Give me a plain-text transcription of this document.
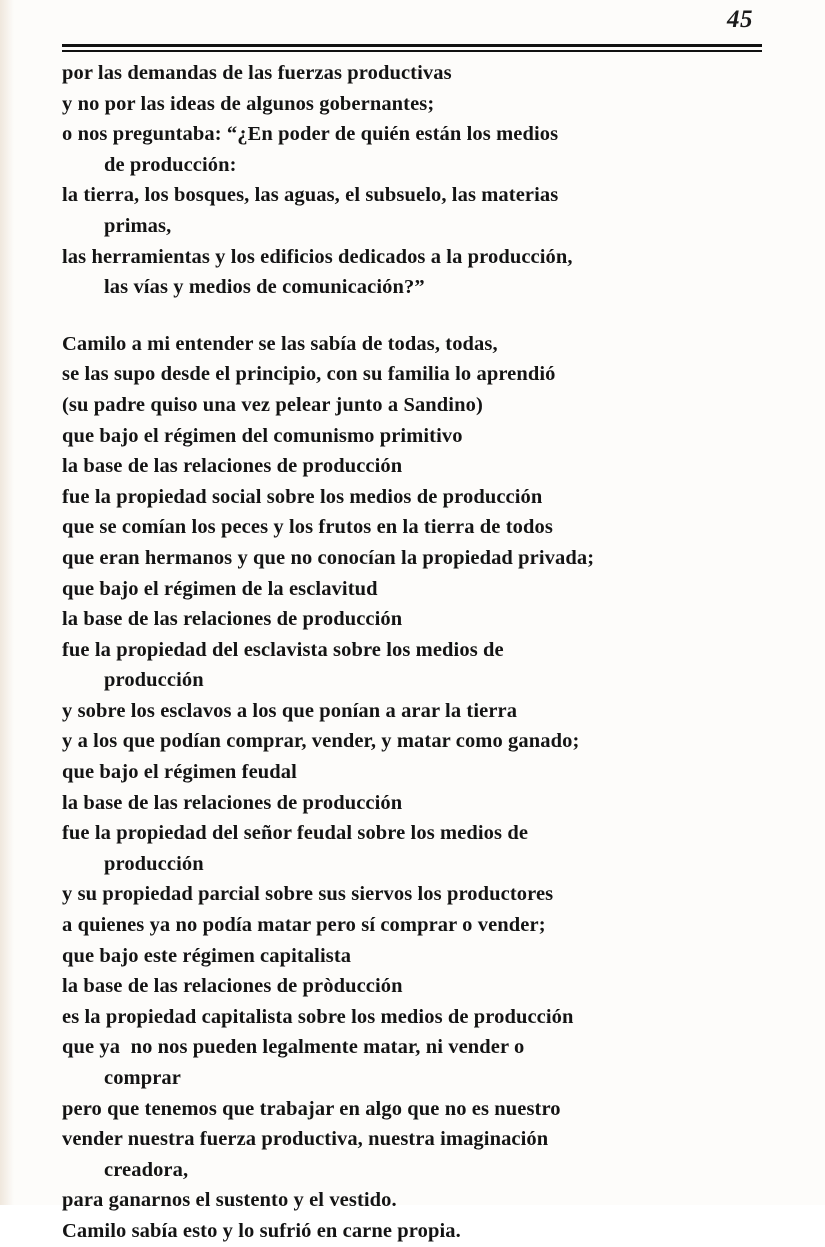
45
por las demandas de las fuerzas productivas
y no por las ideas de algunos gobernantes;
o nos preguntaba: “¿En poder de quién están los medios
de producción:
la tierra, los bosques, las aguas, el subsuelo, las materias
primas,
las herramientas y los edificios dedicados a la producción,
las vías y medios de comunicación?”
Camilo a mi entender se las sabía de todas, todas,
se las supo desde el principio, con su familia lo aprendió
(su padre quiso una vez pelear junto a Sandino)
que bajo el régimen del comunismo primitivo
la base de las relaciones de producción
fue la propiedad social sobre los medios de producción
que se comían los peces y los frutos en la tierra de todos
que eran hermanos y que no conocían la propiedad privada;
que bajo el régimen de la esclavitud
la base de las relaciones de producción
fue la propiedad del esclavista sobre los medios de
producción
y sobre los esclavos a los que ponían a arar la tierra
y a los que podían comprar, vender, y matar como ganado;
que bajo el régimen feudal
la base de las relaciones de producción
fue la propiedad del señor feudal sobre los medios de
producción
y su propiedad parcial sobre sus siervos los productores
a quienes ya no podía matar pero sí comprar o vender;
que bajo este régimen capitalista
la base de las relaciones de pròducción
es la propiedad capitalista sobre los medios de producción
que ya  no nos pueden legalmente matar, ni vender o
comprar
pero que tenemos que trabajar en algo que no es nuestro
vender nuestra fuerza productiva, nuestra imaginación
creadora,
para ganarnos el sustento y el vestido.
Camilo sabía esto y lo sufrió en carne propia.
